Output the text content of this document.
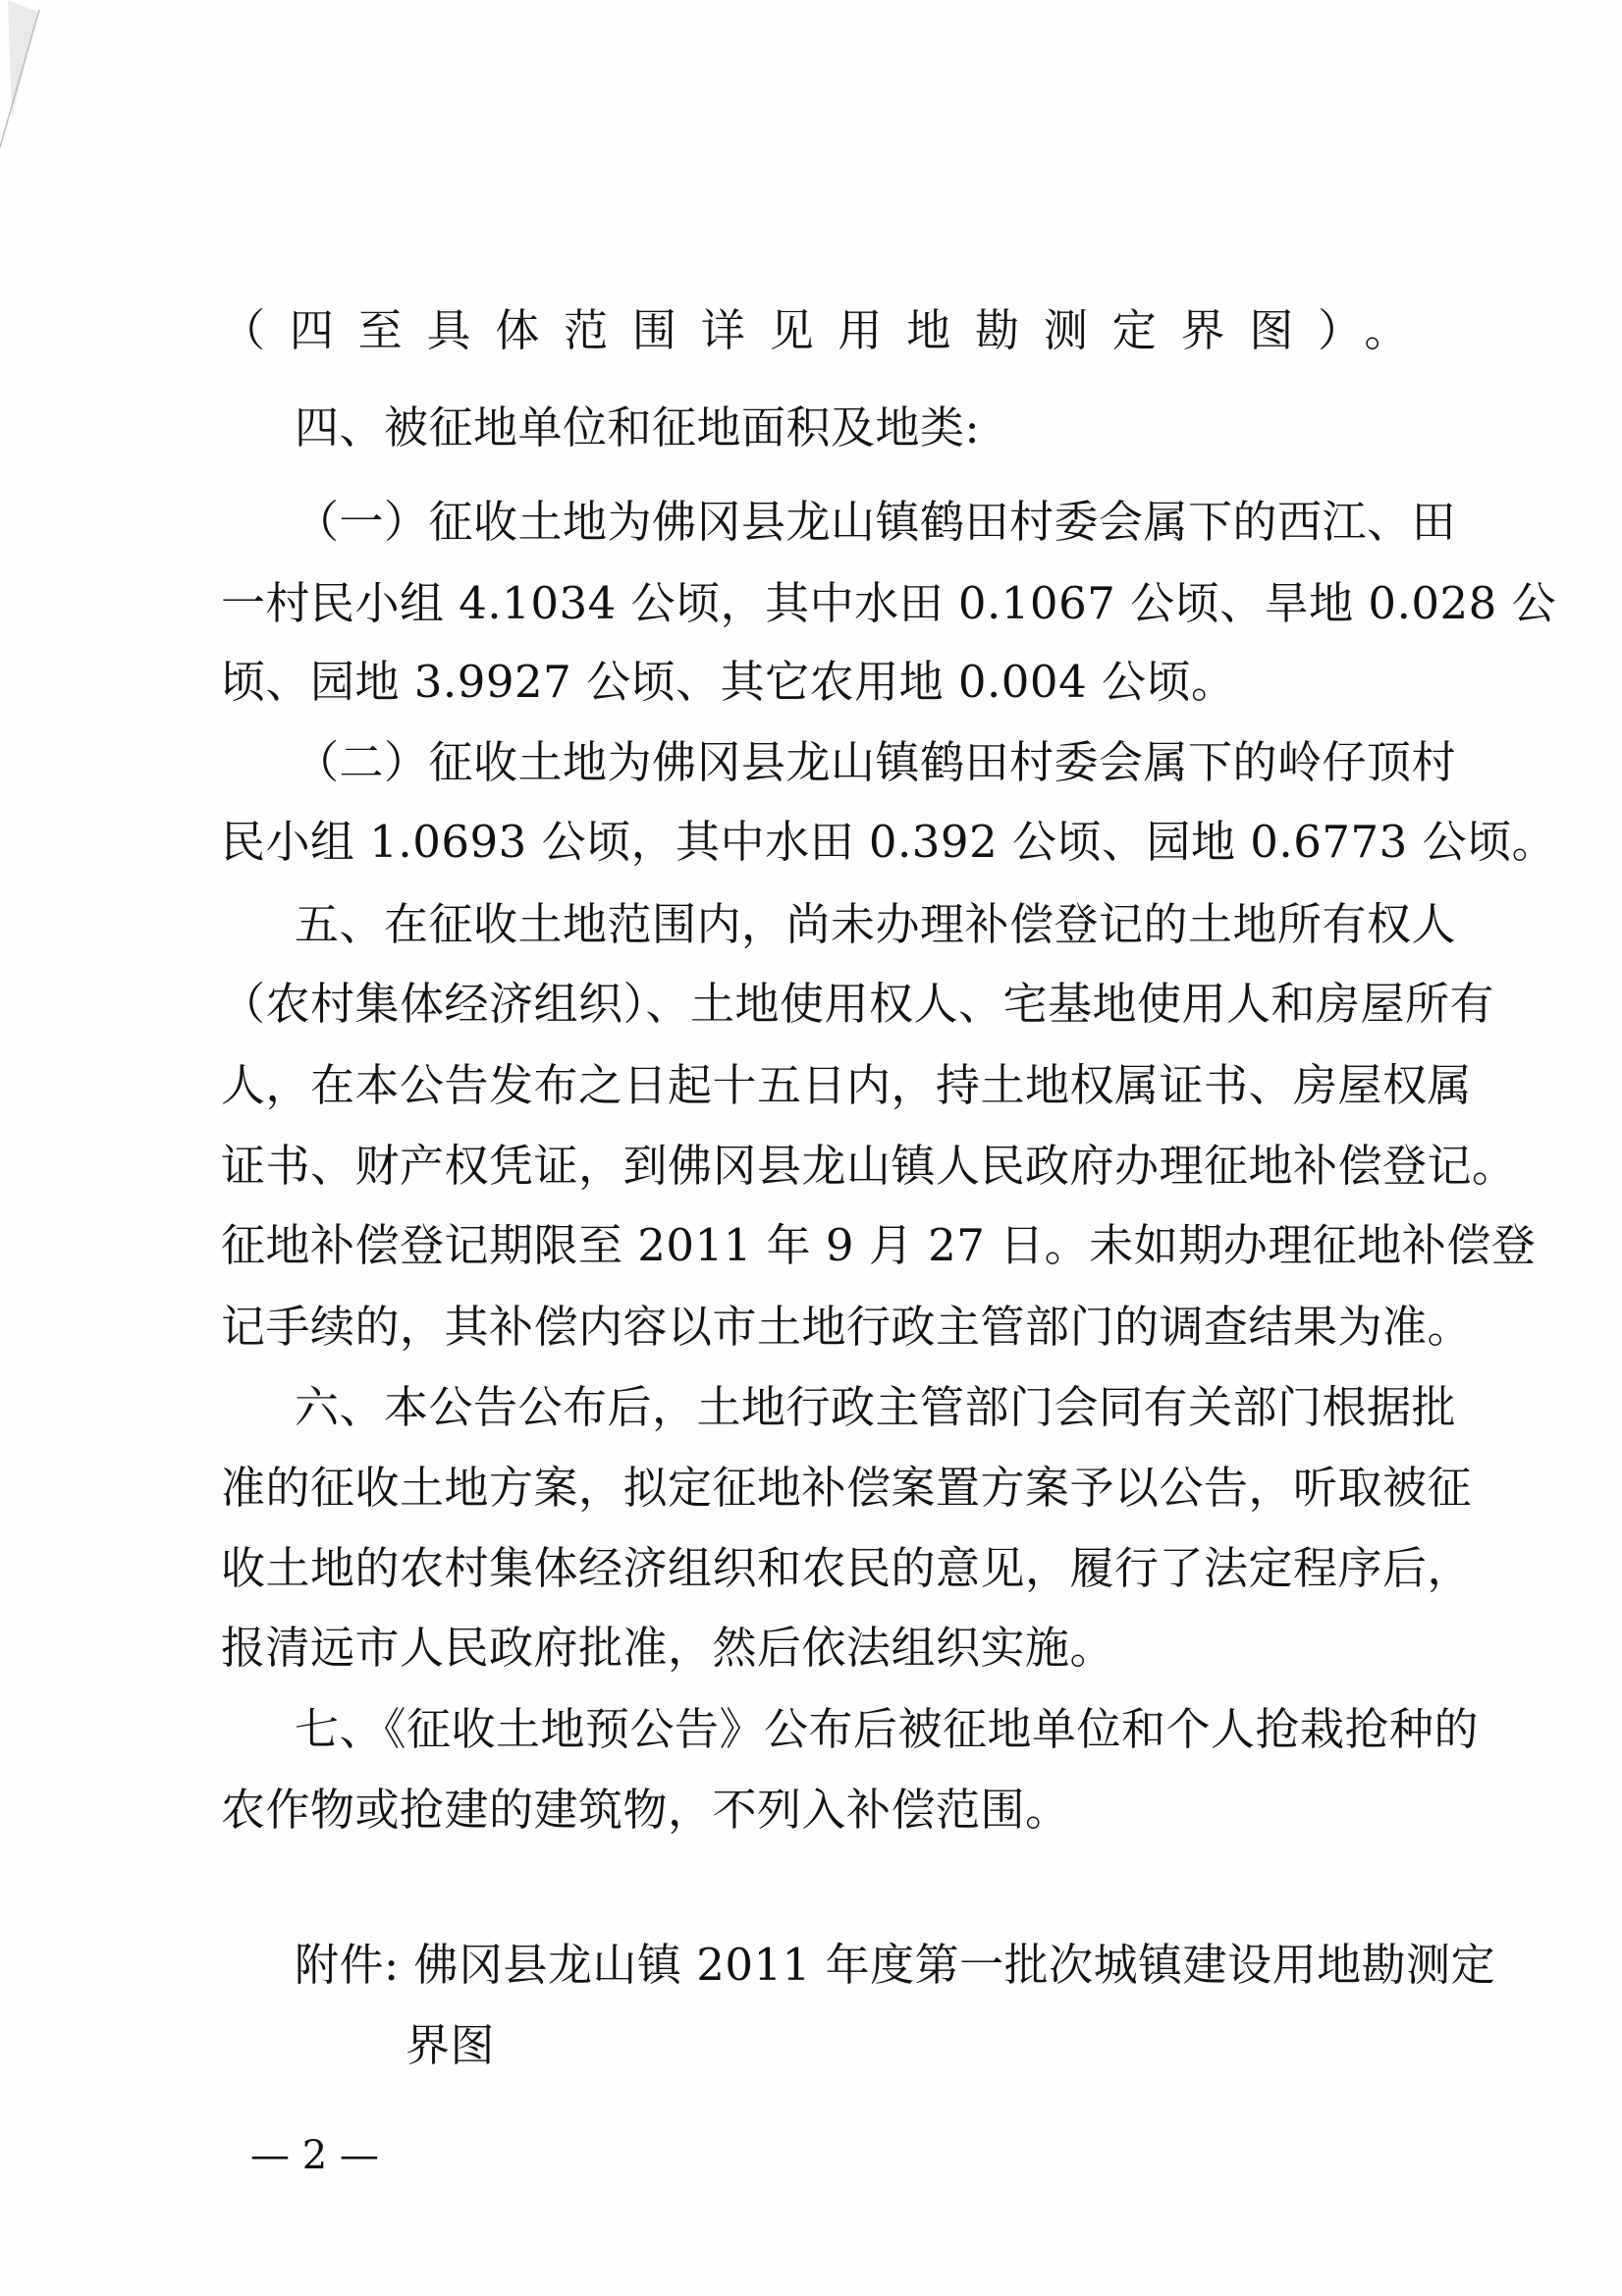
（四至具体范围详见用地勘测定界图）。
四、被征地单位和征地面积及地类:
（一）征收土地为佛冈县龙山镇鹤田村委会属下的西江、田
一村民小组 4.1034 公顷，其中水田 0.1067 公顷、旱地 0.028 公
顷、园地 3.9927 公顷、其它农用地 0.004 公顷。
（二）征收土地为佛冈县龙山镇鹤田村委会属下的岭仔顶村
民小组 1.0693 公顷，其中水田 0.392 公顷、园地 0.6773 公顷。
五、在征收土地范围内，尚未办理补偿登记的土地所有权人
（农村集体经济组织）、土地使用权人、宅基地使用人和房屋所有
人，在本公告发布之日起十五日内，持土地权属证书、房屋权属
证书、财产权凭证，到佛冈县龙山镇人民政府办理征地补偿登记。
征地补偿登记期限至 2011 年 9 月 27 日。未如期办理征地补偿登
记手续的，其补偿内容以市土地行政主管部门的调查结果为准。
六、本公告公布后，土地行政主管部门会同有关部门根据批
准的征收土地方案，拟定征地补偿案置方案予以公告，听取被征
收土地的农村集体经济组织和农民的意见，履行了法定程序后，
报清远市人民政府批准，然后依法组织实施。
七、《征收土地预公告》公布后被征地单位和个人抢栽抢种的
农作物或抢建的建筑物，不列入补偿范围。
附件: 佛冈县龙山镇 2011 年度第一批次城镇建设用地勘测定
界图
— 2 —
